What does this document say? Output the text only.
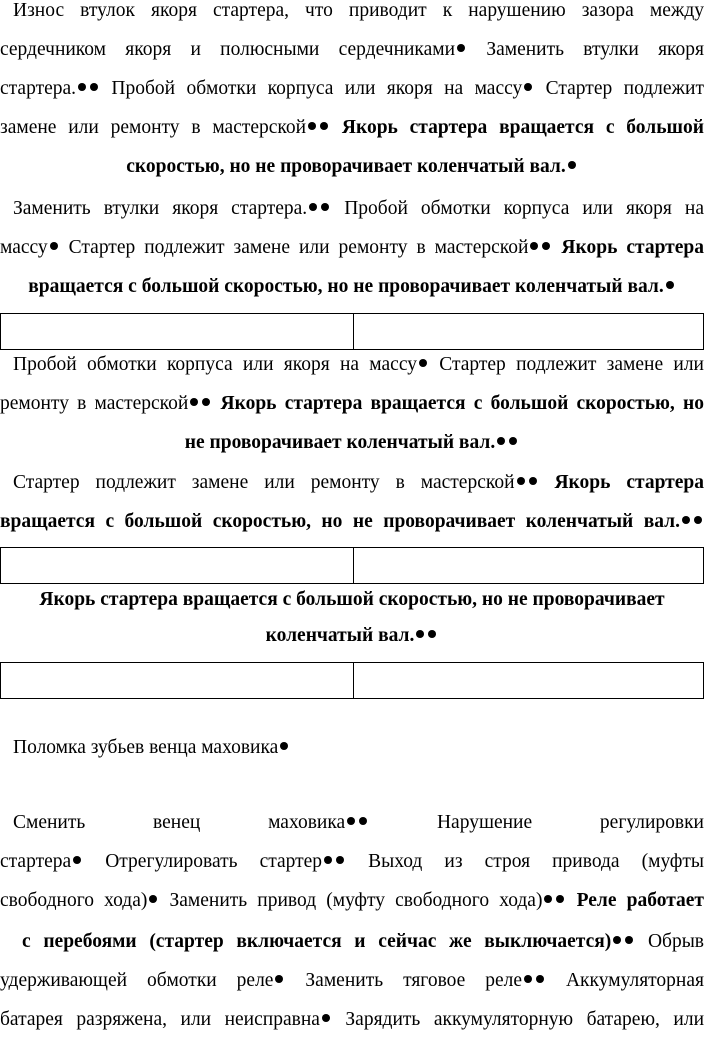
Износ втулок якоря стартера, что приводит к нарушению зазора между
сердечником якоря и полюсными сердечниками Заменить втулки якоря
стартера. Пробой обмотки корпуса или якоря на массу Стартер подлежит
замене или ремонту в мастерской Якорь стартера вращается с большой
скоростью, но не проворачивает коленчатый вал.
Заменить втулки якоря стартера. Пробой обмотки корпуса или якоря на
массу Стартер подлежит замене или ремонту в мастерской Якорь стартера
вращается с большой скоростью, но не проворачивает коленчатый вал.
Пробой обмотки корпуса или якоря на массу Стартер подлежит замене или
ремонту в мастерской Якорь стартера вращается с большой скоростью, но
не проворачивает коленчатый вал.
Стартер подлежит замене или ремонту в мастерской Якорь стартера
вращается с большой скоростью, но не проворачивает коленчатый вал.
Якорь стартера вращается с большой скоростью, но не проворачивает
коленчатый вал.
Поломка зубьев венца маховика
Сменить венец маховика Нарушение регулировки
стартера Отрегулировать стартер Выход из строя привода (муфты
свободного хода) Заменить привод (муфту свободного хода) Реле работает
с перебоями (стартер включается и сейчас же выключается) Обрыв
удерживающей обмотки реле Заменить тяговое реле Аккумуляторная
батарея разряжена, или неисправна Зарядить аккумуляторную батарею, или
